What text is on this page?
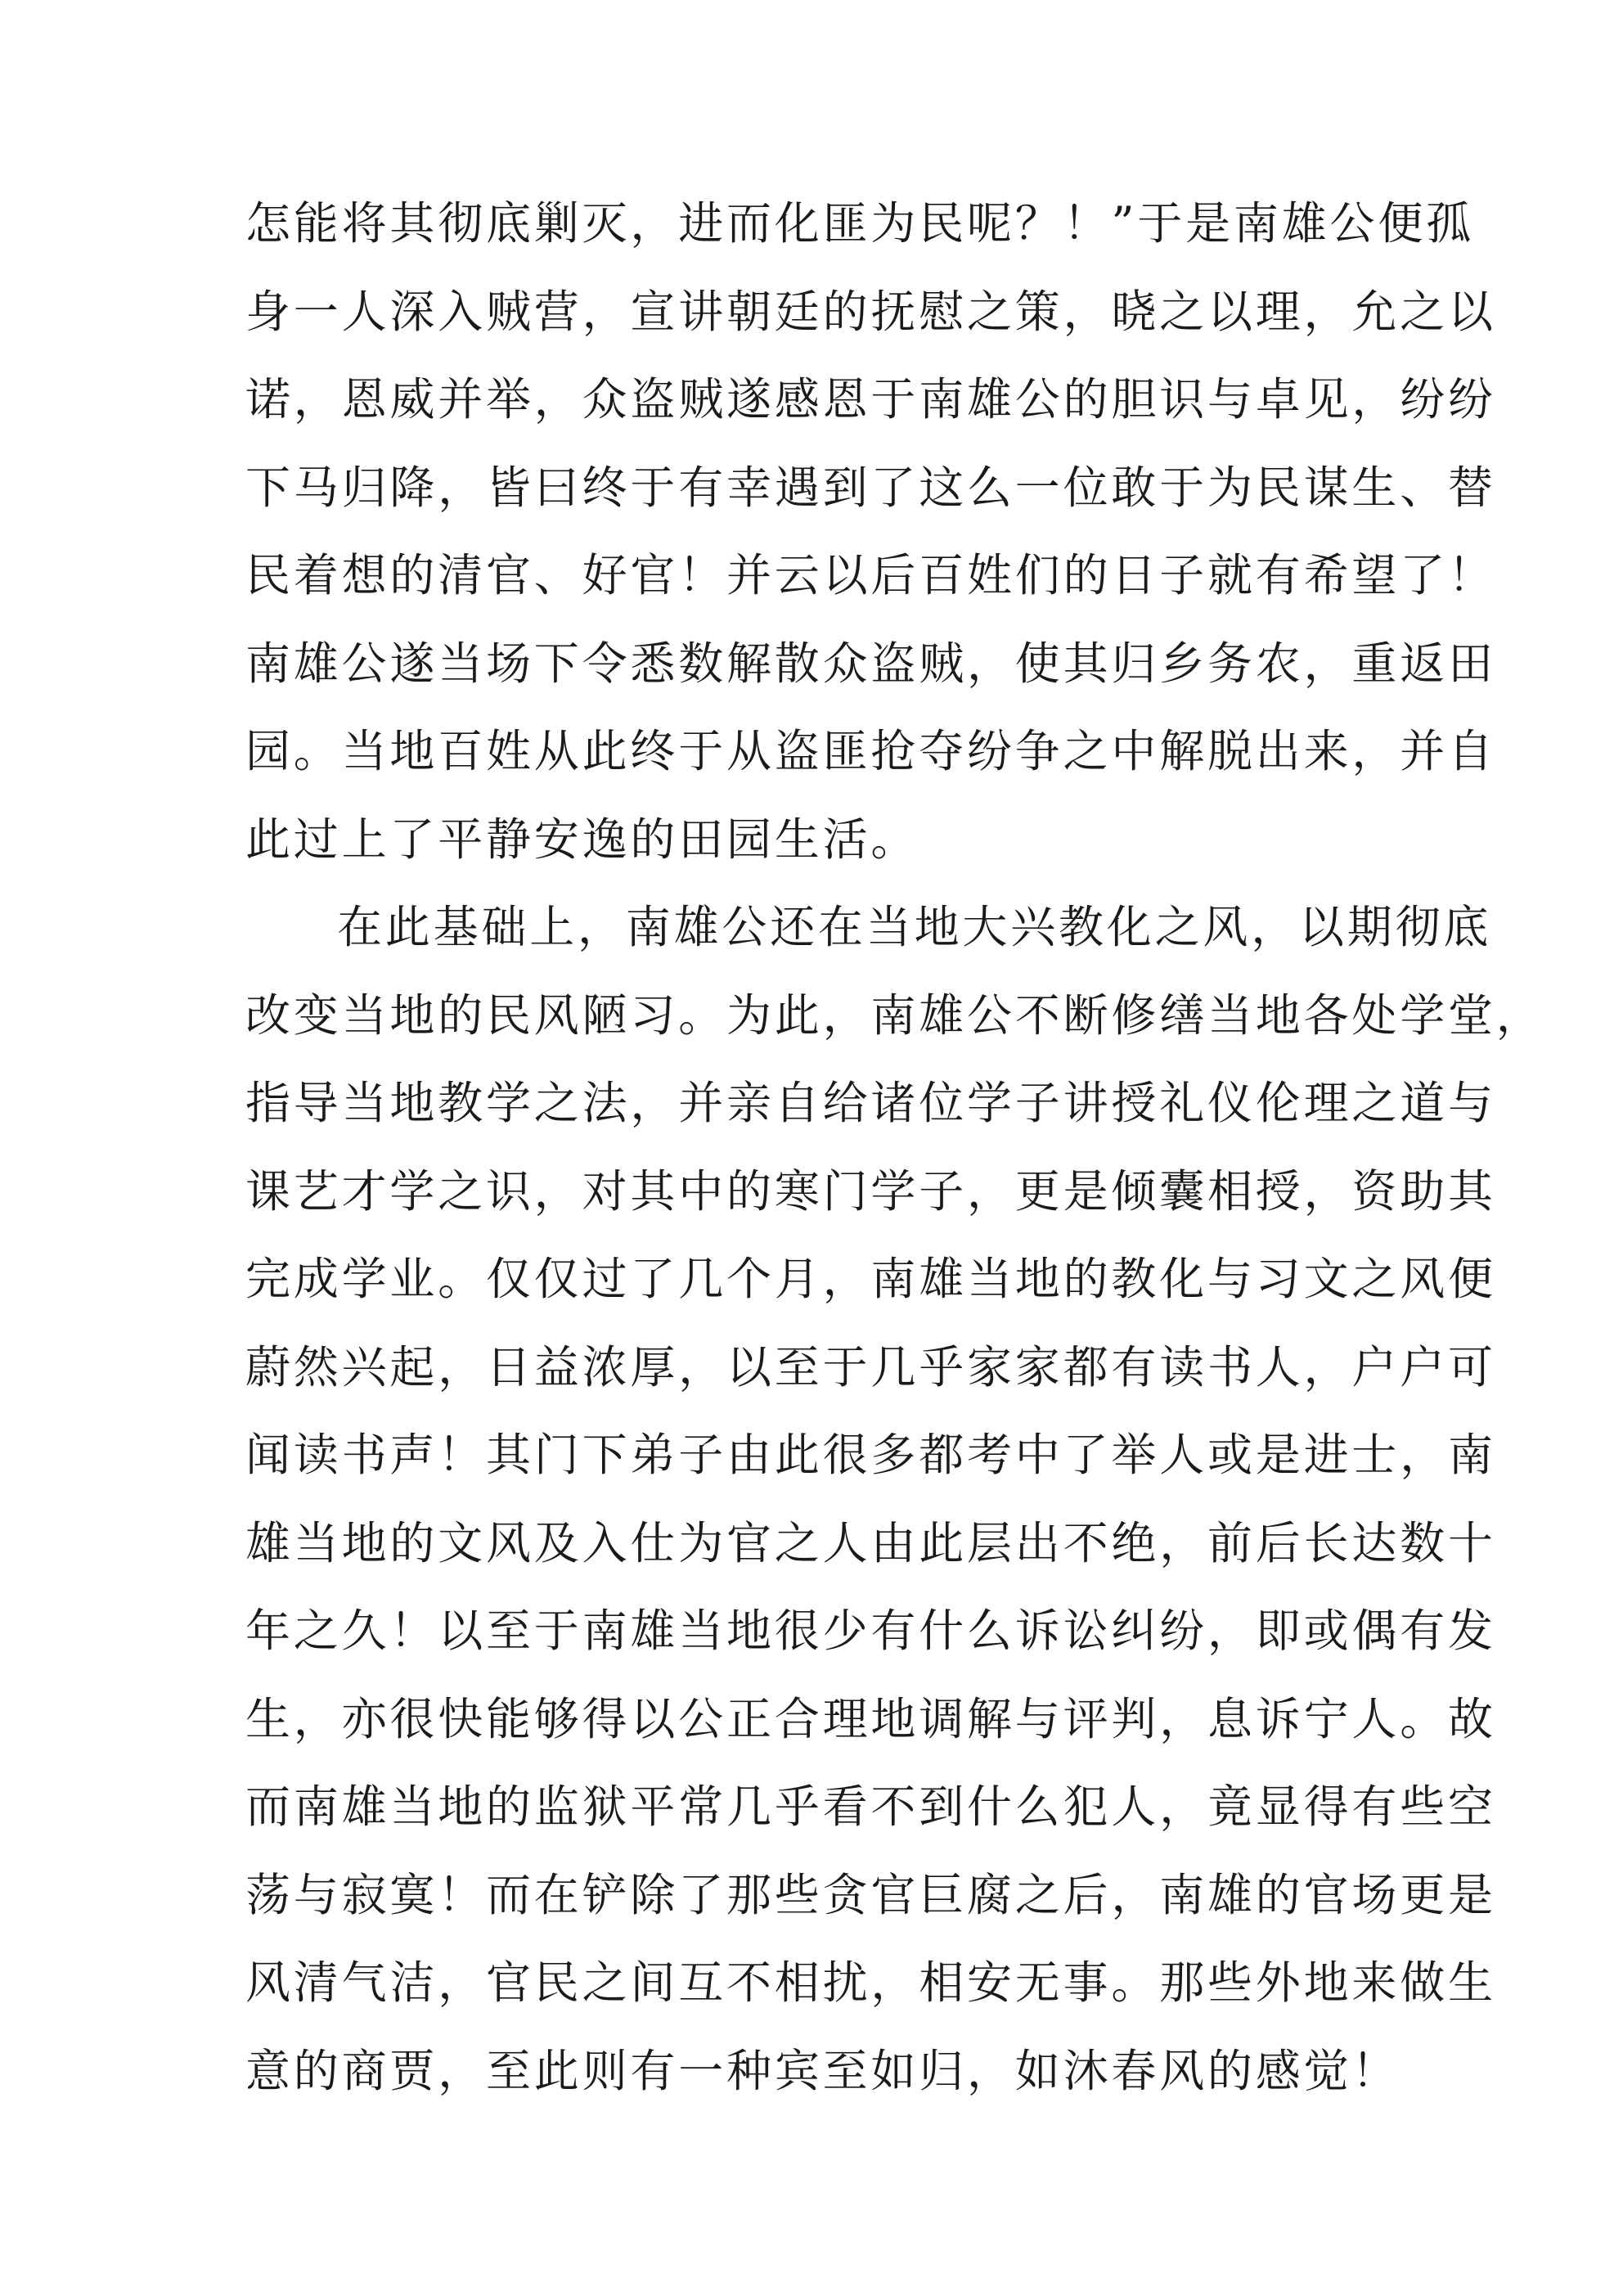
怎能将其彻底剿灭，进而化匪为民呢？！”于是南雄公便孤
身一人深入贼营，宣讲朝廷的抚慰之策，晓之以理，允之以
诺，恩威并举，众盗贼遂感恩于南雄公的胆识与卓见，纷纷
下马归降，皆曰终于有幸遇到了这么一位敢于为民谋生、替
民着想的清官、好官！并云以后百姓们的日子就有希望了！
南雄公遂当场下令悉数解散众盗贼，使其归乡务农，重返田
园。当地百姓从此终于从盗匪抢夺纷争之中解脱出来，并自
此过上了平静安逸的田园生活。
在此基础上，南雄公还在当地大兴教化之风，以期彻底
改变当地的民风陋习。为此，南雄公不断修缮当地各处学堂，
指导当地教学之法，并亲自给诸位学子讲授礼仪伦理之道与
课艺才学之识，对其中的寒门学子，更是倾囊相授，资助其
完成学业。仅仅过了几个月，南雄当地的教化与习文之风便
蔚然兴起，日益浓厚，以至于几乎家家都有读书人，户户可
闻读书声！其门下弟子由此很多都考中了举人或是进士，南
雄当地的文风及入仕为官之人由此层出不绝，前后长达数十
年之久！以至于南雄当地很少有什么诉讼纠纷，即或偶有发
生，亦很快能够得以公正合理地调解与评判，息诉宁人。故
而南雄当地的监狱平常几乎看不到什么犯人，竟显得有些空
荡与寂寞！而在铲除了那些贪官巨腐之后，南雄的官场更是
风清气洁，官民之间互不相扰，相安无事。那些外地来做生
意的商贾，至此则有一种宾至如归，如沐春风的感觉！
